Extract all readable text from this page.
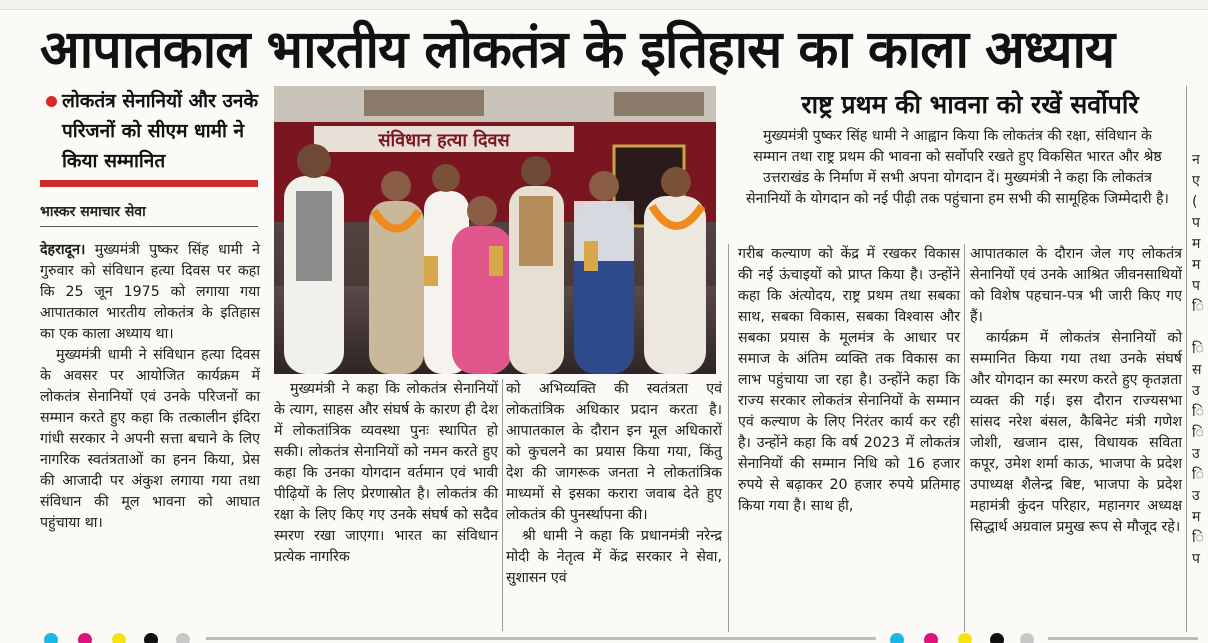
आपातकाल भारतीय लोकतंत्र के इतिहास का काला अध्याय
लोकतंत्र सेनानियों और उनके परिजनों को सीएम धामी ने किया सम्मानित
भास्कर समाचार सेवा

देहरादून। मुख्यमंत्री पुष्कर सिंह धामी ने गुरुवार को संविधान हत्या दिवस पर कहा कि 25 जून 1975 को लगाया गया आपातकाल भारतीय लोकतंत्र के इतिहास का एक काला अध्याय था।

मुख्यमंत्री धामी ने संविधान हत्या दिवस के अवसर पर आयोजित कार्यक्रम में लोकतंत्र सेनानियों एवं उनके परिजनों का सम्मान करते हुए कहा कि तत्कालीन इंदिरा गांधी सरकार ने अपनी सत्ता बचाने के लिए नागरिक स्वतंत्रताओं का हनन किया, प्रेस की आजादी पर अंकुश लगाया गया तथा संविधान की मूल भावना को आघात पहुंचाया था।

संविधान हत्या दिवस

मुख्यमंत्री ने कहा कि लोकतंत्र सेनानियों के त्याग, साहस और संघर्ष के कारण ही देश में लोकतांत्रिक व्यवस्था पुनः स्थापित हो सकी। लोकतंत्र सेनानियों को नमन करते हुए कहा कि उनका योगदान वर्तमान एवं भावी पीढ़ियों के लिए प्रेरणास्रोत है। लोकतंत्र की रक्षा के लिए किए गए उनके संघर्ष को सदैव स्मरण रखा जाएगा। भारत का संविधान प्रत्येक नागरिक

को अभिव्यक्ति की स्वतंत्रता एवं लोकतांत्रिक अधिकार प्रदान करता है। आपातकाल के दौरान इन मूल अधिकारों को कुचलने का प्रयास किया गया, किंतु देश की जागरूक जनता ने लोकतांत्रिक माध्यमों से इसका करारा जवाब देते हुए लोकतंत्र की पुनर्स्थापना की।

श्री धामी ने कहा कि प्रधानमंत्री नरेन्द्र मोदी के नेतृत्व में केंद्र सरकार ने सेवा, सुशासन एवं

राष्ट्र प्रथम की भावना को रखें सर्वोपरि
मुख्यमंत्री पुष्कर सिंह धामी ने आह्वान किया कि लोकतंत्र की रक्षा, संविधान के सम्मान तथा राष्ट्र प्रथम की भावना को सर्वोपरि रखते हुए विकसित भारत और श्रेष्ठ उत्तराखंड के निर्माण में सभी अपना योगदान दें। मुख्यमंत्री ने कहा कि लोकतंत्र सेनानियों के योगदान को नई पीढ़ी तक पहुंचाना हम सभी की सामूहिक जिम्मेदारी है।

गरीब कल्याण को केंद्र में रखकर विकास की नई ऊंचाइयों को प्राप्त किया है। उन्होंने कहा कि अंत्योदय, राष्ट्र प्रथम तथा सबका साथ, सबका विकास, सबका विश्वास और सबका प्रयास के मूलमंत्र के आधार पर समाज के अंतिम व्यक्ति तक विकास का लाभ पहुंचाया जा रहा है। उन्होंने कहा कि राज्य सरकार लोकतंत्र सेनानियों के सम्मान एवं कल्याण के लिए निरंतर कार्य कर रही है। उन्होंने कहा कि वर्ष 2023 में लोकतंत्र सेनानियों की सम्मान निधि को 16 हजार रुपये से बढ़ाकर 20 हजार रुपये प्रतिमाह किया गया है। साथ ही,

आपातकाल के दौरान जेल गए लोकतंत्र सेनानियों एवं उनके आश्रित जीवनसाथियों को विशेष पहचान-पत्र भी जारी किए गए हैं।

कार्यक्रम में लोकतंत्र सेनानियों को सम्मानित किया गया तथा उनके संघर्ष और योगदान का स्मरण करते हुए कृतज्ञता व्यक्त की गई। इस दौरान राज्यसभा सांसद नरेश बंसल, कैबिनेट मंत्री गणेश जोशी, खजान दास, विधायक सविता कपूर, उमेश शर्मा काऊ, भाजपा के प्रदेश उपाध्यक्ष शैलेन्द्र बिष्ट, भाजपा के प्रदेश महामंत्री कुंदन परिहार, महानगर अध्यक्ष सिद्धार्थ अग्रवाल प्रमुख रूप से मौजूद रहे।

न
ए
(
प
म
म
प
ि

ि
स
उ
ि
ि
उ
ि
उ
म
ि
प
